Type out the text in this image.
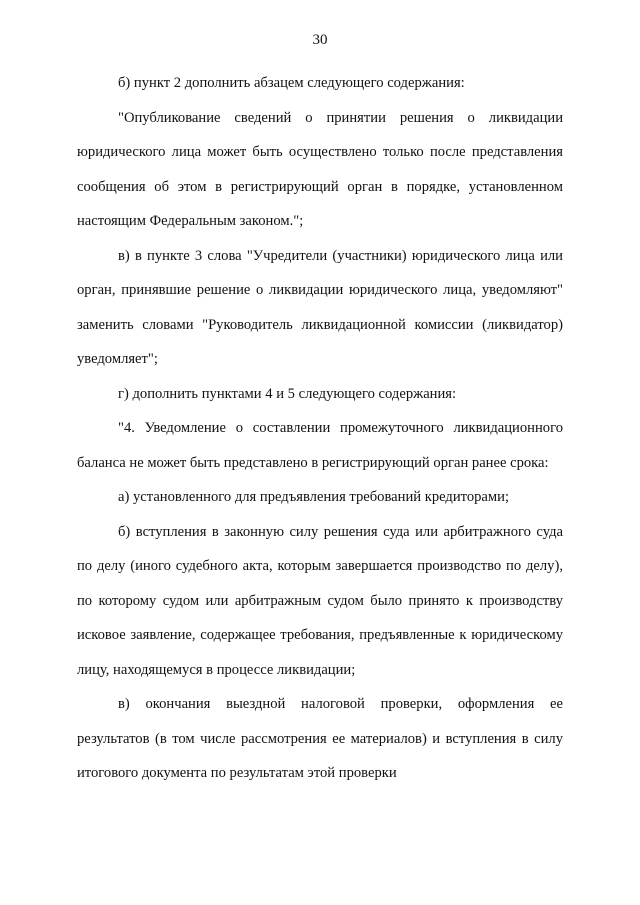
30

б) пункт 2 дополнить абзацем следующего содержания:

"Опубликование сведений о принятии решения о ликвидации юридического лица может быть осуществлено только после представления сообщения об этом в регистрирующий орган в порядке, установленном настоящим Федеральным законом.";

в) в пункте 3 слова "Учредители (участники) юридического лица или орган, принявшие решение о ликвидации юридического лица, уведомляют" заменить словами "Руководитель ликвидационной комиссии (ликвидатор) уведомляет";

г) дополнить пунктами 4 и 5 следующего содержания:

"4. Уведомление о составлении промежуточного ликвидационного баланса не может быть представлено в регистрирующий орган ранее срока:

а) установленного для предъявления требований кредиторами;

б) вступления в законную силу решения суда или арбитражного суда по делу (иного судебного акта, которым завершается производство по делу), по которому судом или арбитражным судом было принято к производству исковое заявление, содержащее требования, предъявленные к юридическому лицу, находящемуся в процессе ликвидации;

в) окончания выездной налоговой проверки, оформления ее результатов (в том числе рассмотрения ее материалов) и вступления в силу итогового документа по результатам этой проверки
